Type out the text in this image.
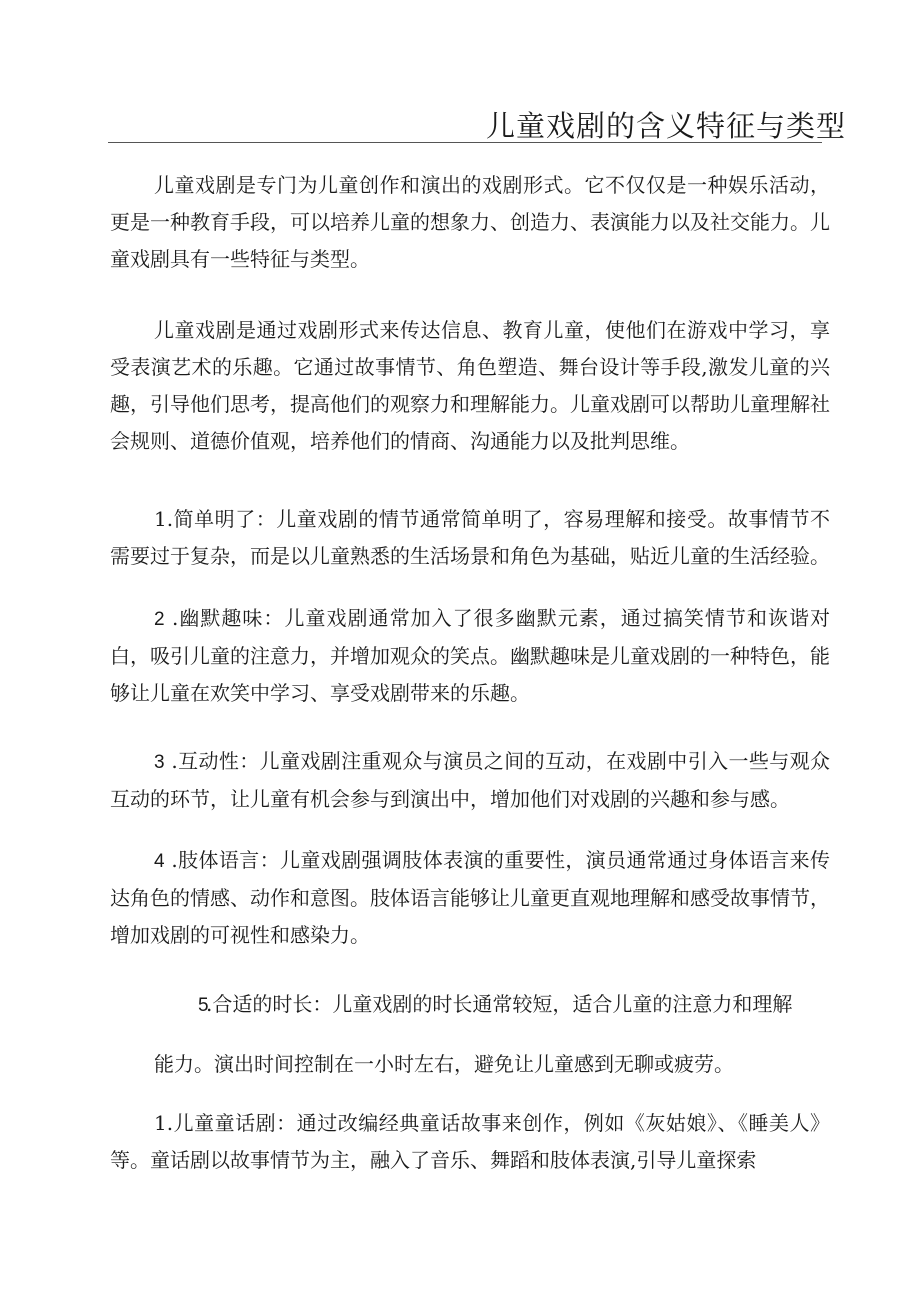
儿童戏剧的含义特征与类型

儿童戏剧是专门为儿童创作和演出的戏剧形式。它不仅仅是一种娱乐活动，更是一种教育手段，可以培养儿童的想象力、创造力、表演能力以及社交能力。儿童戏剧具有一些特征与类型。

儿童戏剧是通过戏剧形式来传达信息、教育儿童，使他们在游戏中学习，享受表演艺术的乐趣。它通过故事情节、角色塑造、舞台设计等手段,激发儿童的兴趣，引导他们思考，提高他们的观察力和理解能力。儿童戏剧可以帮助儿童理解社会规则、道德价值观，培养他们的情商、沟通能力以及批判思维。

1.简单明了：儿童戏剧的情节通常简单明了，容易理解和接受。故事情节不需要过于复杂，而是以儿童熟悉的生活场景和角色为基础，贴近儿童的生活经验。

2 .幽默趣味：儿童戏剧通常加入了很多幽默元素，通过搞笑情节和诙谐对白，吸引儿童的注意力，并增加观众的笑点。幽默趣味是儿童戏剧的一种特色，能够让儿童在欢笑中学习、享受戏剧带来的乐趣。

3 .互动性：儿童戏剧注重观众与演员之间的互动，在戏剧中引入一些与观众互动的环节，让儿童有机会参与到演出中，增加他们对戏剧的兴趣和参与感。

4 .肢体语言：儿童戏剧强调肢体表演的重要性，演员通常通过身体语言来传达角色的情感、动作和意图。肢体语言能够让儿童更直观地理解和感受故事情节，增加戏剧的可视性和感染力。

5.合适的时长：儿童戏剧的时长通常较短，适合儿童的注意力和理解

能力。演出时间控制在一小时左右，避免让儿童感到无聊或疲劳。

1.儿童童话剧：通过改编经典童话故事来创作，例如《灰姑娘》、《睡美人》等。童话剧以故事情节为主，融入了音乐、舞蹈和肢体表演,引导儿童探索
